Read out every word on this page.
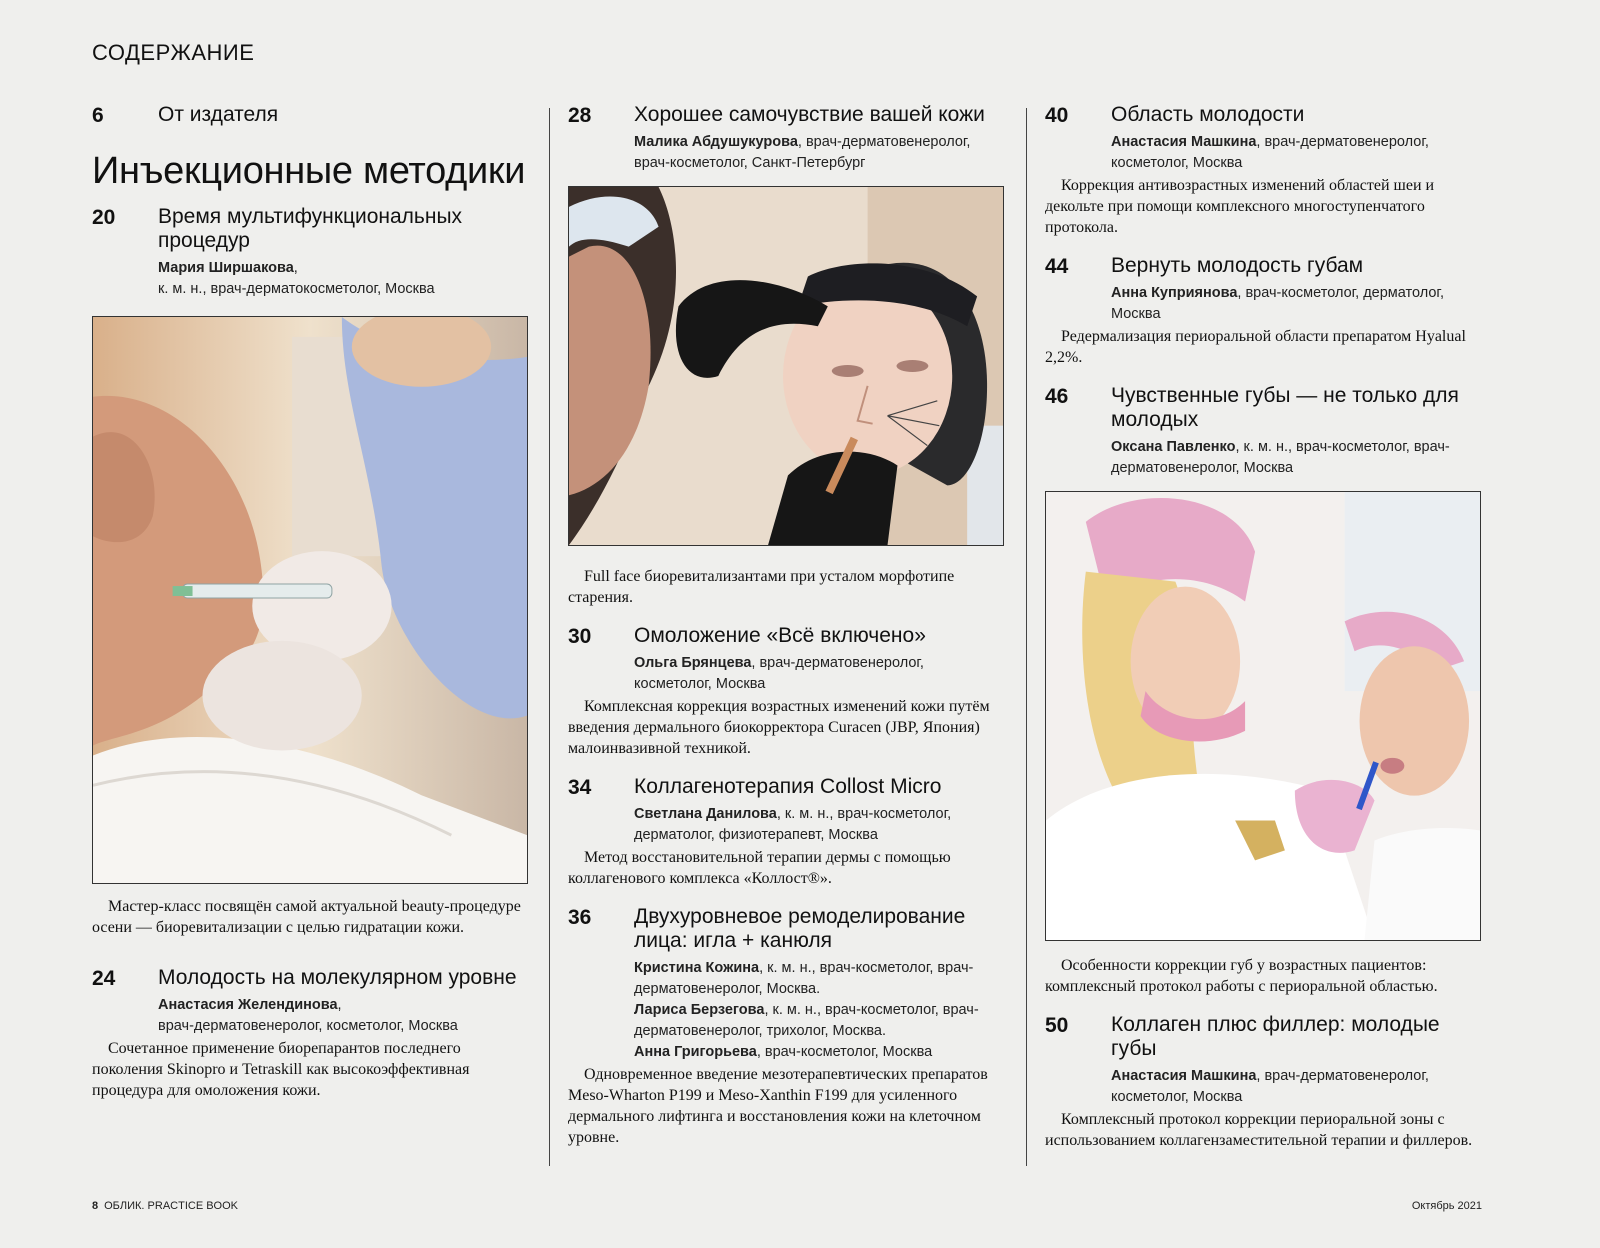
СОДЕРЖАНИЕ
6	От издателя
Инъекционные методики
20 Время мультифункциональных процедур
Мария Ширшакова,
к. м. н., врач-дерматокосметолог, Москва
Мастер-класс посвящён самой актуальной beauty-процедуре осени — биоревитализации с целью гидратации кожи.
24 Молодость на молекулярном уровне
Анастасия Желендинова,
врач-дерматовенеролог, косметолог, Москва
Сочетанное применение биорепарантов последнего поколения Skinopro и Tetraskill как высокоэффективная процедура для омоложения кожи.
28 Хорошее самочувствие вашей кожи
Малика Абдушукурова, врач-дерматовенеролог, врач-косметолог, Санкт-Петербург
Full face биоревитализантами при усталом морфотипе старения.
30 Омоложение «Всё включено»
Ольга Брянцева, врач-дерматовенеролог, косметолог, Москва
Комплексная коррекция возрастных изменений кожи путём введения дермального биокорректора Curacen (JBP, Япония) малоинвазивной техникой.
34 Коллагенотерапия Collost Micro
Светлана Данилова, к. м. н., врач-косметолог, дерматолог, физиотерапевт, Москва
Метод восстановительной терапии дермы с помощью коллагенового комплекса «Коллост®».
36 Двухуровневое ремоделирование лица: игла + канюля
Кристина Кожина, к. м. н., врач-косметолог, врач-дерматовенеролог, Москва.
Лариса Берзегова, к. м. н., врач-косметолог, врач-дерматовенеролог, трихолог, Москва.
Анна Григорьева, врач-косметолог, Москва
Одновременное введение мезотерапевтических препаратов Meso-Wharton P199 и Meso-Xanthin F199 для усиленного дермального лифтинга и восстановления кожи на клеточном уровне.
40 Область молодости
Анастасия Машкина, врач-дерматовенеролог, косметолог, Москва
Коррекция антивозрастных изменений областей шеи и декольте при помощи комплексного многоступенчатого протокола.
44 Вернуть молодость губам
Анна Куприянова, врач-косметолог, дерматолог, Москва
Редермализация периоральной области препаратом Hyalual 2,2%.
46 Чувственные губы — не только для молодых
Оксана Павленко, к. м. н., врач-косметолог, врач-дерматовенеролог, Москва
Особенности коррекции губ у возрастных пациентов: комплексный протокол работы с периоральной областью.
50 Коллаген плюс филлер: молодые губы
Анастасия Машкина, врач-дерматовенеролог, косметолог, Москва
Комплексный протокол коррекции периоральной зоны с использованием коллагензаместительной терапии и филлеров.
8 ОБЛИК. PRACTICE BOOK	Октябрь 2021
